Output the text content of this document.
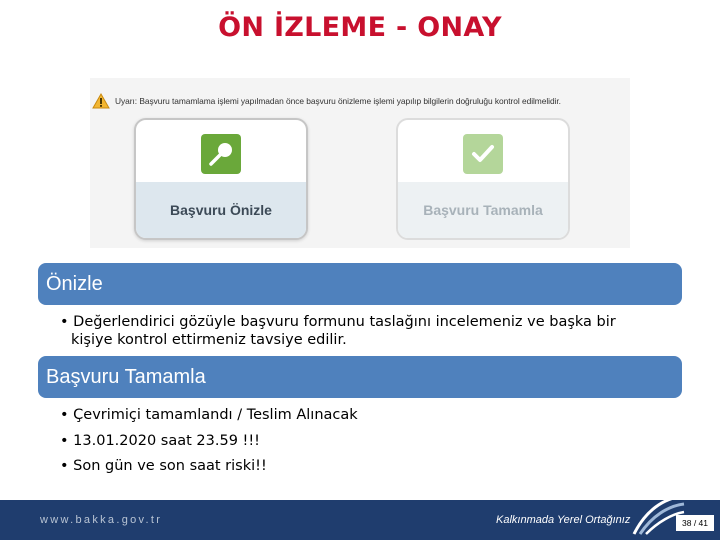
ÖN İZLEME - ONAY
Uyarı: Başvuru tamamlama işlemi yapılmadan önce başvuru önizleme işlemi yapılıp bilgilerin doğruluğu kontrol edilmelidir.
Başvuru Önizle	Başvuru Tamamla
Önizle
• Değerlendirici gözüyle başvuru formunu taslağını incelemeniz ve başka bir
kişiye kontrol ettirmeniz tavsiye edilir.
Başvuru Tamamla
• Çevrimiçi tamamlandı / Teslim Alınacak
• 13.01.2020 saat 23.59 !!!
• Son gün ve son saat riski!!
www.bakka.gov.tr	Kalkınmada Yerel Ortağınız	38 / 41
